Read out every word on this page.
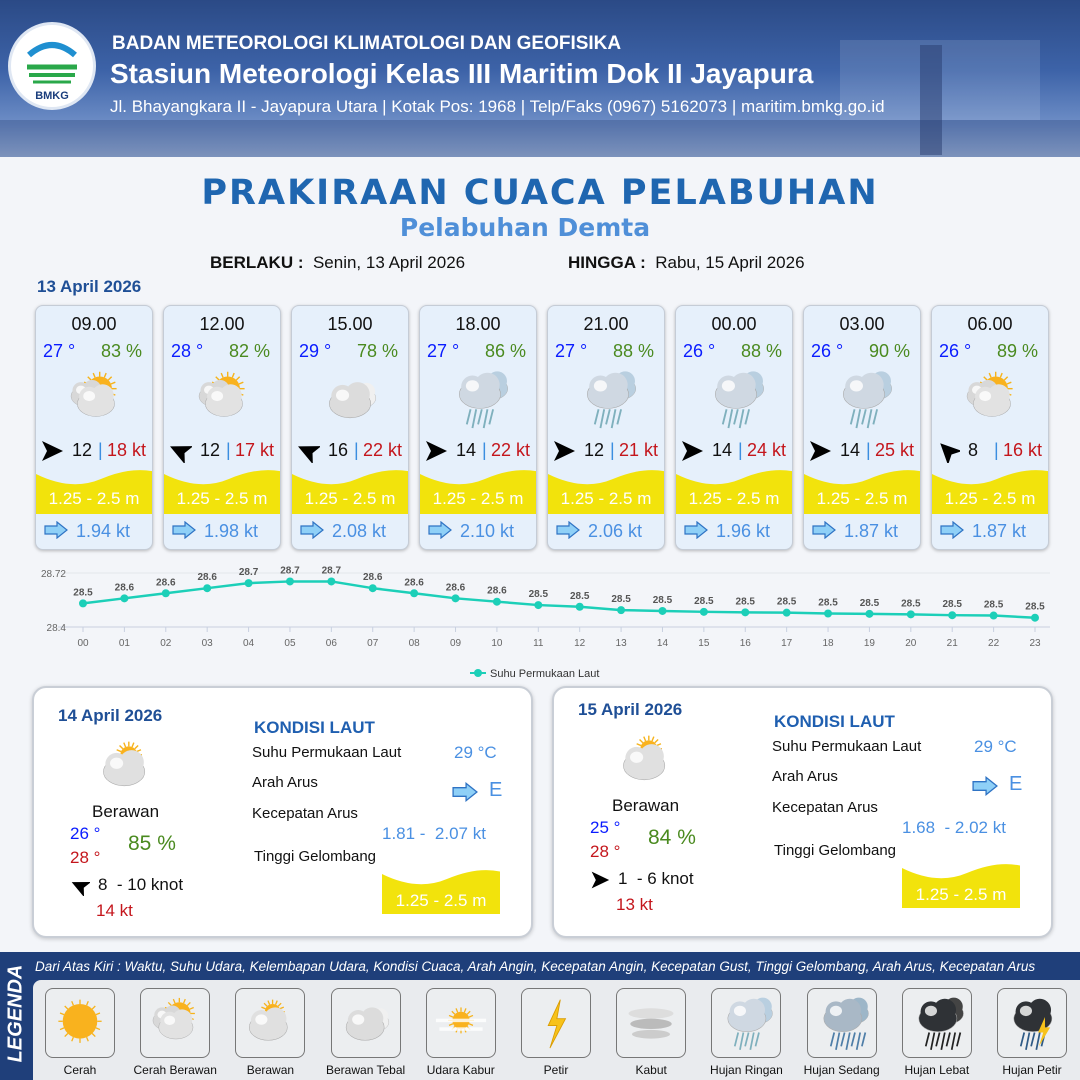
BMKG
BADAN METEOROLOGI KLIMATOLOGI DAN GEOFISIKA
Stasiun Meteorologi Kelas III Maritim Dok II Jayapura
Jl. Bhayangkara II - Jayapura Utara | Kotak Pos: 1968 | Telp/Faks (0967) 5162073 | maritim.bmkg.go.id
PRAKIRAAN CUACA PELABUHAN
Pelabuhan Demta
BERLAKU : Senin, 13 April 2026	HINGGA : Rabu, 15 April 2026
13 April 2026
09.00
27 ° 83 %
12 | 18 kt
1.25 - 2.5 m
1.94 kt
12.00
28 ° 82 %
12 | 17 kt
1.25 - 2.5 m
1.98 kt
15.00
29 ° 78 %
16 | 22 kt
1.25 - 2.5 m
2.08 kt
18.00
27 ° 86 %
14 | 22 kt
1.25 - 2.5 m
2.10 kt
21.00
27 ° 88 %
12 | 21 kt
1.25 - 2.5 m
2.06 kt
00.00
26 ° 88 %
14 | 24 kt
1.25 - 2.5 m
1.96 kt
03.00
26 ° 90 %
14 | 25 kt
1.25 - 2.5 m
1.87 kt
06.00
26 ° 89 %
8 | 16 kt
1.25 - 2.5 m
1.87 kt
28.72
28.4
00	01	02	03	04	05	06	07	08	09	10	11	12	13	14	15	16	17	18	19	20	21	22	23
28.5 28.6 28.6 28.6 28.7 28.7 28.7
28.6 28.6 28.6 28.6 28.5 28.5 28.5 28.5 28.5 28.5 28.5 28.5 28.5 28.5 28.5 28.5 28.5
Suhu Permukaan Laut
14 April 2026
Berawan
26 °
28 °
85 %
8  - 10 knot
14 kt
KONDISI LAUT
Suhu Permukaan Laut	29 °C
Arah Arus	E
Kecepatan Arus
1.81 -  2.07 kt
Tinggi Gelombang
1.25 - 2.5 m
15 April 2026
Berawan
25 °
28 °
84 %
1  - 6 knot
13 kt
KONDISI LAUT
Suhu Permukaan Laut	29 °C
Arah Arus	E
Kecepatan Arus
1.68  - 2.02 kt
Tinggi Gelombang
1.25 - 2.5 m
LEGENDA Dari Atas Kiri : Waktu, Suhu Udara, Kelembapan Udara, Kondisi Cuaca, Arah Angin, Kecepatan Angin, Kecepatan Gust, Tinggi Gelombang, Arah Arus, Kecepatan Arus
Cerah	Cerah Berawan	Berawan	Berawan Tebal	Udara Kabur	Petir	Kabut	Hujan Ringan	Hujan Sedang	Hujan Lebat	Hujan Petir
